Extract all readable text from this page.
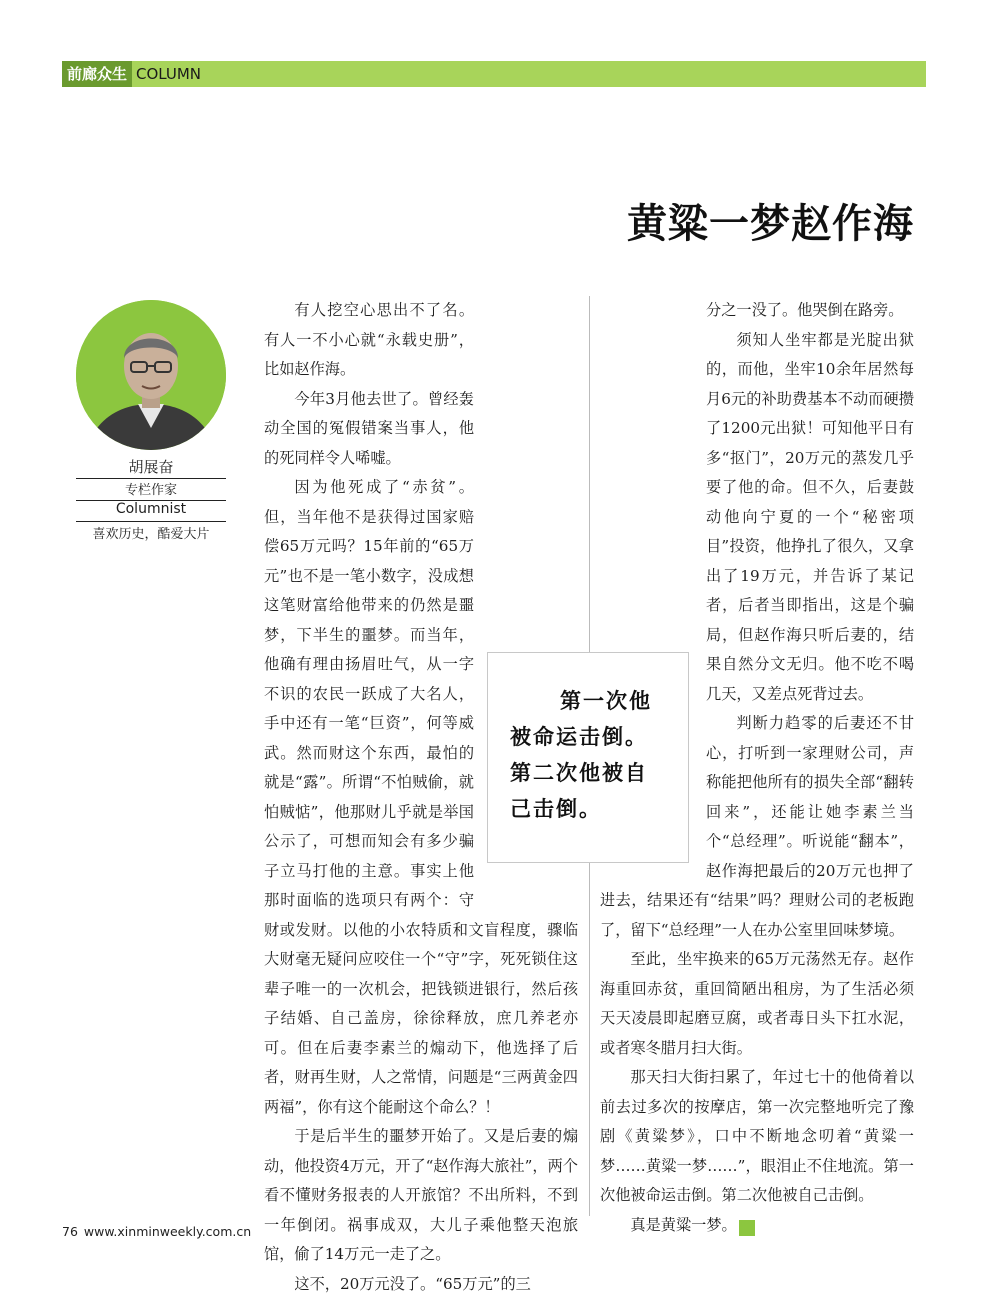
前廊众生 COLUMN
黄粱一梦赵作海
胡展奋
专栏作家
Columnist
喜欢历史，酷爱大片

有人挖空心思出不了名。有人一不小心就“永载史册”，比如赵作海。

今年3月他去世了。曾经轰动全国的冤假错案当事人，他的死同样令人唏嘘。

因为他死成了“赤贫”。但，当年他不是获得过国家赔偿65万元吗？15年前的“65万元”也不是一笔小数字，没成想这笔财富给他带来的仍然是噩梦，下半生的噩梦。而当年，他确有理由扬眉吐气，从一字不识的农民一跃成了大名人，手中还有一笔“巨资”，何等威武。然而财这个东西，最怕的就是“露”。所谓“不怕贼偷，就怕贼惦”，他那财儿乎就是举国公示了，可想而知会有多少骗子立马打他的主意。事实上他那时面临的选项只有两个：守财或发财。以他的小农特质和文盲程度，骤临大财毫无疑问应咬住一个“守”字，死死锁住这辈子唯一的一次机会，把钱锁进银行，然后孩子结婚、自己盖房，徐徐释放，庶几养老亦可。但在后妻李素兰的煽动下，他选择了后者，财再生财，人之常情，问题是“三两黄金四两福”，你有这个能耐这个命么？！

于是后半生的噩梦开始了。又是后妻的煽动，他投资4万元，开了“赵作海大旅社”，两个看不懂财务报表的人开旅馆？不出所料，不到一年倒闭。祸事成双，大儿子乘他整天泡旅馆，偷了14万元一走了之。

这不，20万元没了。“65万元”的三

分之一没了。他哭倒在路旁。

须知人坐牢都是光腚出狱的，而他，坐牢10余年居然每月6元的补助费基本不动而硬攒了1200元出狱！可知他平日有多“抠门”，20万元的蒸发几乎要了他的命。但不久，后妻鼓动他向宁夏的一个“秘密项目”投资，他挣扎了很久，又拿出了19万元，并告诉了某记者，后者当即指出，这是个骗局，但赵作海只听后妻的，结果自然分文无归。他不吃不喝几天，又差点死背过去。

判断力趋零的后妻还不甘心，打听到一家理财公司，声称能把他所有的损失全部“翻转回来”，还能让她李素兰当个“总经理”。听说能“翻本”，赵作海把最后的20万元也押了进去，结果还有“结果”吗？理财公司的老板跑了，留下“总经理”一人在办公室里回味梦境。

至此，坐牢换来的65万元荡然无存。赵作海重回赤贫，重回简陋出租房，为了生活必须天天凌晨即起磨豆腐，或者毒日头下扛水泥，或者寒冬腊月扫大街。

那天扫大街扫累了，年过七十的他倚着以前去过多次的按摩店，第一次完整地听完了豫剧《黄粱梦》，口中不断地念叨着“黄粱一梦……黄粱一梦……”，眼泪止不住地流。第一次他被命运击倒。第二次他被自己击倒。

真是黄粱一梦。	民

第一次他
被命运击倒。
第二次他被自
己击倒。
76 www.xinminweekly.com.cn
